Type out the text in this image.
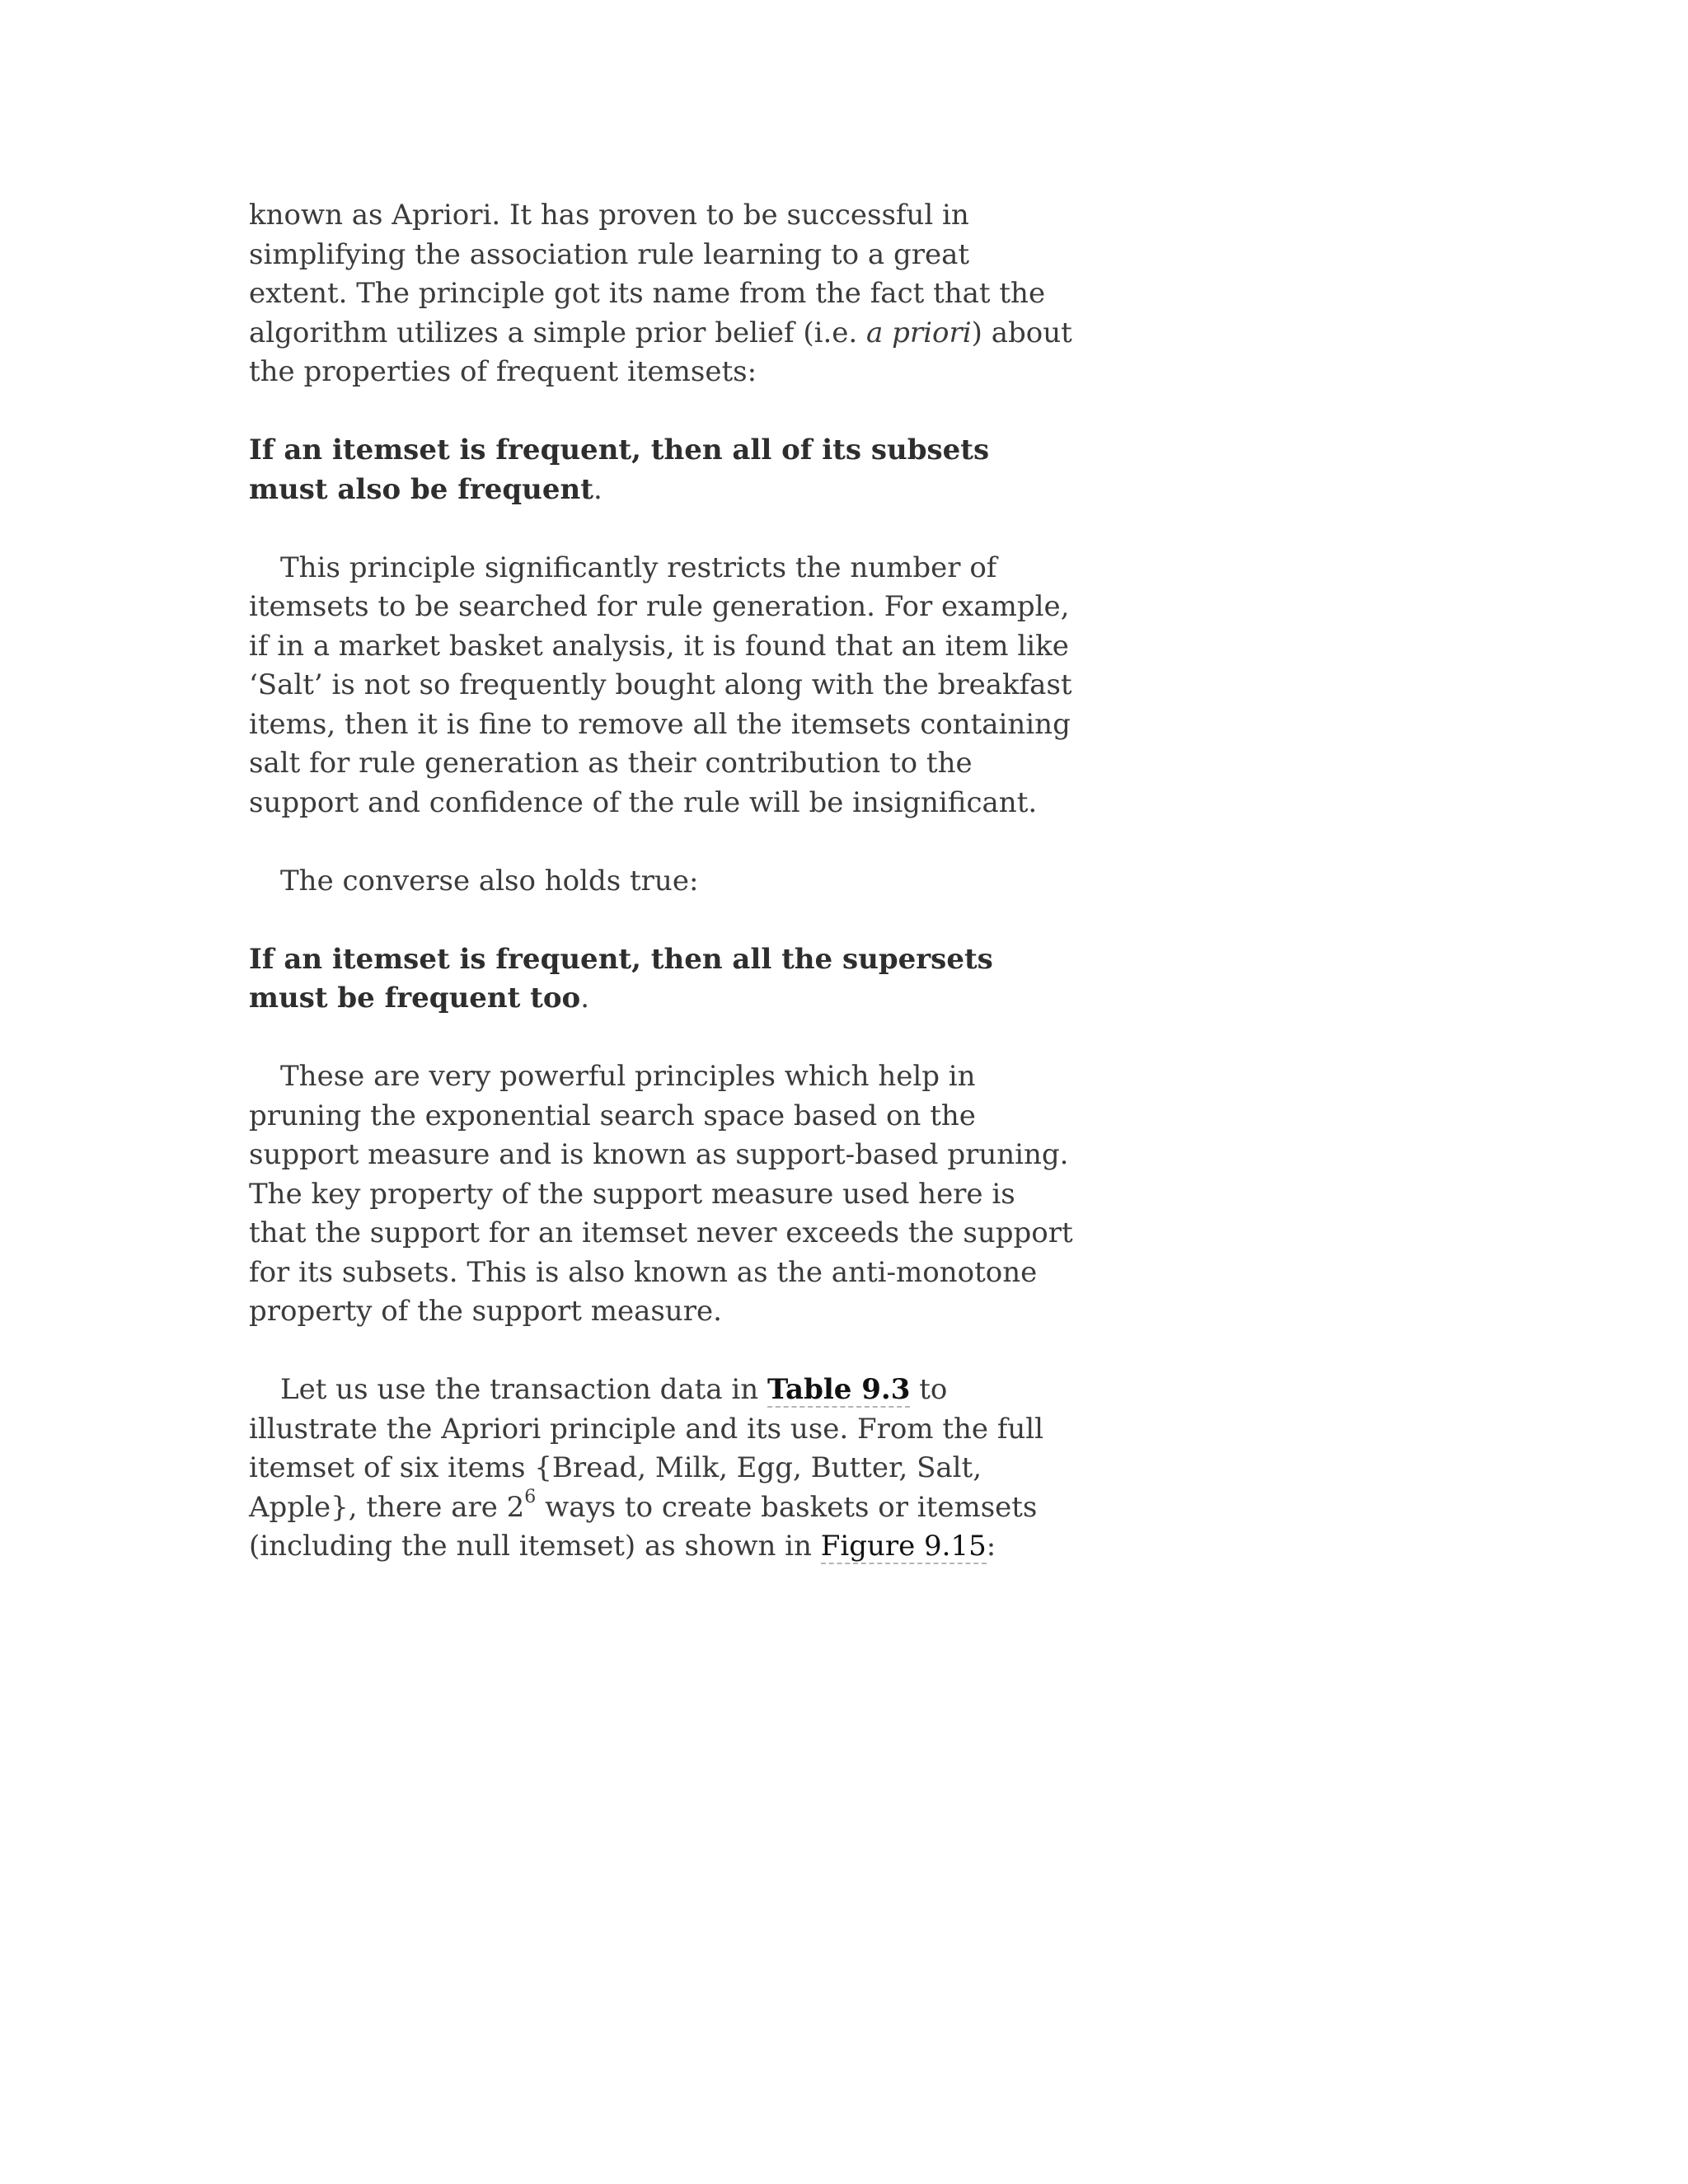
known as Apriori. It has proven to be successful in simplifying the association rule learning to a great extent. The principle got its name from the fact that the algorithm utilizes a simple prior belief (i.e. a priori) about the properties of frequent itemsets:

If an itemset is frequent, then all of its subsets must also be frequent.

This principle significantly restricts the number of itemsets to be searched for rule generation. For example, if in a market basket analysis, it is found that an item like ‘Salt’ is not so frequently bought along with the breakfast items, then it is fine to remove all the itemsets containing salt for rule generation as their contribution to the support and confidence of the rule will be insignificant.

The converse also holds true:

If an itemset is frequent, then all the supersets must be frequent too.

These are very powerful principles which help in pruning the exponential search space based on the support measure and is known as support-based pruning. The key property of the support measure used here is that the support for an itemset never exceeds the support for its subsets. This is also known as the anti-monotone property of the support measure.

Let us use the transaction data in Table 9.3 to illustrate the Apriori principle and its use. From the full itemset of six items {Bread, Milk, Egg, Butter, Salt, Apple}, there are $2^6$ ways to create baskets or itemsets (including the null itemset) as shown in Figure 9.15:
